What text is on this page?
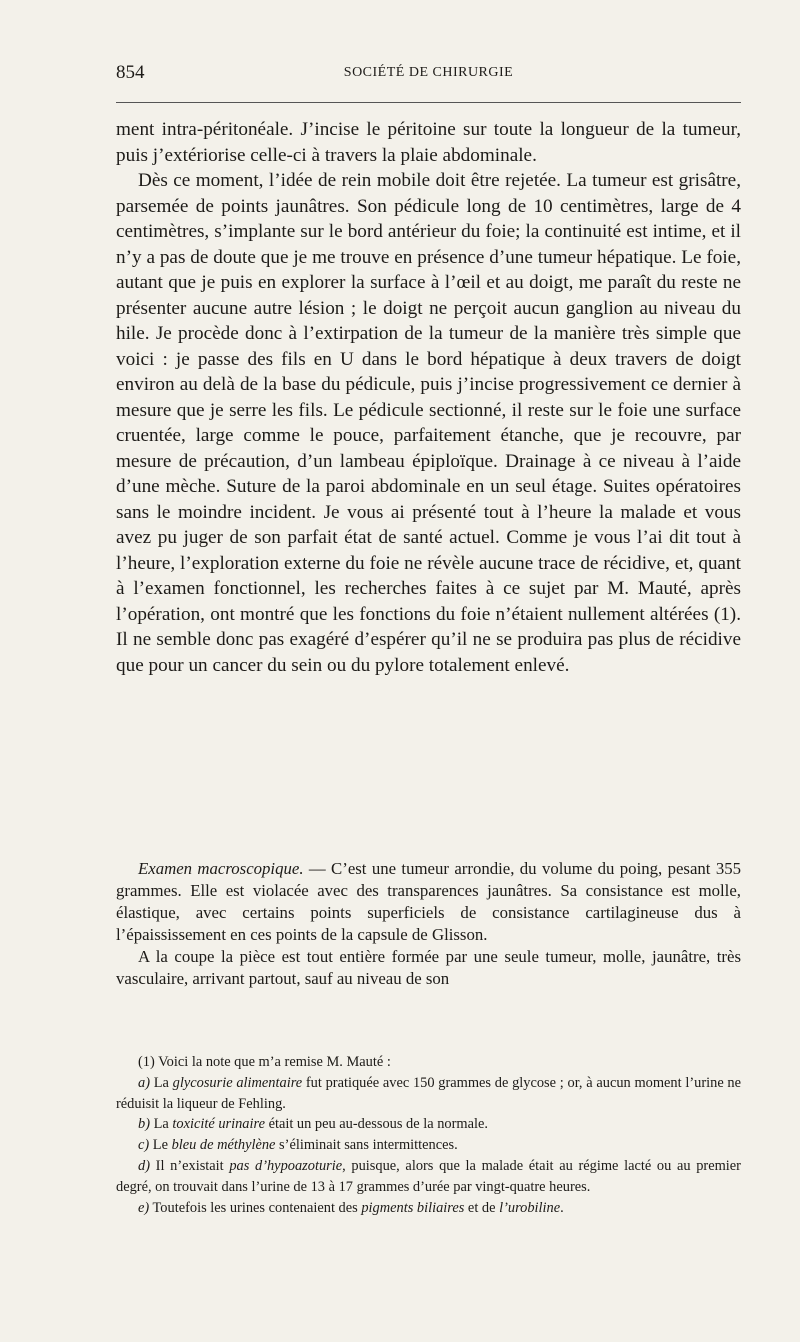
854	SOCIÉTÉ DE CHIRURGIE

ment intra-péritonéale. J’incise le péritoine sur toute la longueur de la tumeur, puis j’extériorise celle-ci à travers la plaie abdominale.

Dès ce moment, l’idée de rein mobile doit être rejetée. La tumeur est grisâtre, parsemée de points jaunâtres. Son pédicule long de 10 centimètres, large de 4 centimètres, s’implante sur le bord antérieur du foie; la continuité est intime, et il n’y a pas de doute que je me trouve en présence d’une tumeur hépatique. Le foie, autant que je puis en explorer la surface à l’œil et au doigt, me paraît du reste ne présenter aucune autre lésion ; le doigt ne perçoit aucun ganglion au niveau du hile. Je procède donc à l’extirpation de la tumeur de la manière très simple que voici : je passe des fils en U dans le bord hépatique à deux travers de doigt environ au delà de la base du pédicule, puis j’incise progressivement ce dernier à mesure que je serre les fils. Le pédicule sectionné, il reste sur le foie une surface cruentée, large comme le pouce, parfaitement étanche, que je recouvre, par mesure de précaution, d’un lambeau épiploïque. Drainage à ce niveau à l’aide d’une mèche. Suture de la paroi abdominale en un seul étage. Suites opératoires sans le moindre incident. Je vous ai présenté tout à l’heure la malade et vous avez pu juger de son parfait état de santé actuel. Comme je vous l’ai dit tout à l’heure, l’exploration externe du foie ne révèle aucune trace de récidive, et, quant à l’examen fonctionnel, les recherches faites à ce sujet par M. Mauté, après l’opération, ont montré que les fonctions du foie n’étaient nullement altérées (1). Il ne semble donc pas exagéré d’espérer qu’il ne se produira pas plus de récidive que pour un cancer du sein ou du pylore totalement enlevé.

Examen macroscopique. — C’est une tumeur arrondie, du volume du poing, pesant 355 grammes. Elle est violacée avec des transparences jaunâtres. Sa consistance est molle, élastique, avec certains points superficiels de consistance cartilagineuse dus à l’épaississement en ces points de la capsule de Glisson.

A la coupe la pièce est tout entière formée par une seule tumeur, molle, jaunâtre, très vasculaire, arrivant partout, sauf au niveau de son

(1) Voici la note que m’a remise M. Mauté :

a) La glycosurie alimentaire fut pratiquée avec 150 grammes de glycose ; or, à aucun moment l’urine ne réduisit la liqueur de Fehling.

b) La toxicité urinaire était un peu au-dessous de la normale.

c) Le bleu de méthylène s’éliminait sans intermittences.

d) Il n’existait pas d’hypoazoturie, puisque, alors que la malade était au régime lacté ou au premier degré, on trouvait dans l’urine de 13 à 17 grammes d’urée par vingt-quatre heures.

e) Toutefois les urines contenaient des pigments biliaires et de l’urobiline.
